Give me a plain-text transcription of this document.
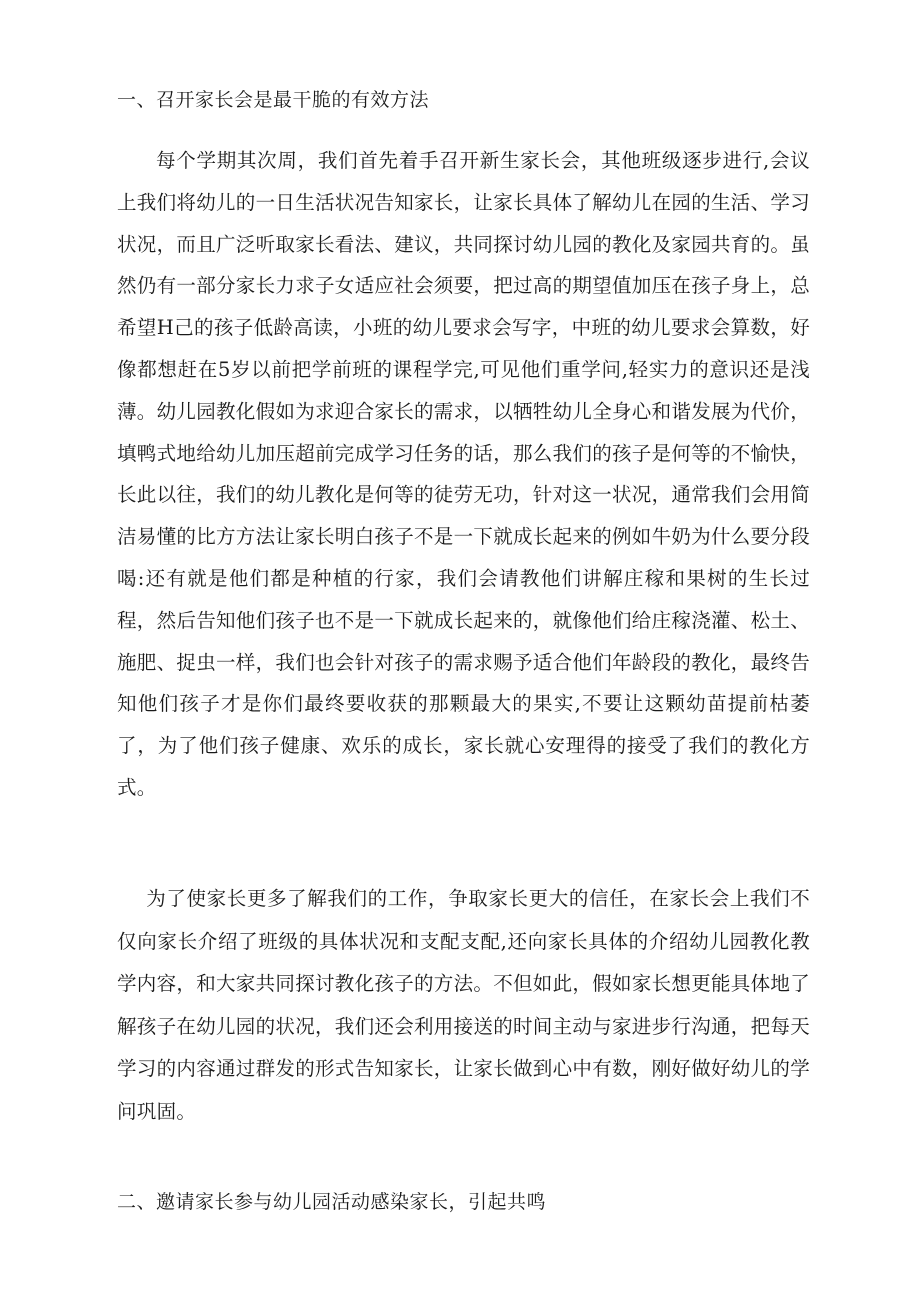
一、召开家长会是最干脆的有效方法

每个学期其次周，我们首先着手召开新生家长会，其他班级逐步进行,会议上我们将幼儿的一日生活状况告知家长，让家长具体了解幼儿在园的生活、学习状况，而且广泛听取家长看法、建议，共同探讨幼儿园的教化及家园共育的。虽然仍有一部分家长力求子女适应社会须要，把过高的期望值加压在孩子身上，总希望H己的孩子低龄高读，小班的幼儿要求会写字，中班的幼儿要求会算数，好像都想赶在5岁以前把学前班的课程学完,可见他们重学问,轻实力的意识还是浅薄。幼儿园教化假如为求迎合家长的需求，以牺牲幼儿全身心和谐发展为代价，填鸭式地给幼儿加压超前完成学习任务的话，那么我们的孩子是何等的不愉快，长此以往，我们的幼儿教化是何等的徒劳无功，针对这一状况，通常我们会用简洁易懂的比方方法让家长明白孩子不是一下就成长起来的例如牛奶为什么要分段喝:还有就是他们都是种植的行家，我们会请教他们讲解庄稼和果树的生长过程，然后告知他们孩子也不是一下就成长起来的，就像他们给庄稼浇灌、松土、施肥、捉虫一样，我们也会针对孩子的需求赐予适合他们年龄段的教化，最终告知他们孩子才是你们最终要收获的那颗最大的果实,不要让这颗幼苗提前枯萎了，为了他们孩子健康、欢乐的成长，家长就心安理得的接受了我们的教化方式。

为了使家长更多了解我们的工作，争取家长更大的信任，在家长会上我们不仅向家长介绍了班级的具体状况和支配支配,还向家长具体的介绍幼儿园教化教学内容，和大家共同探讨教化孩子的方法。不但如此，假如家长想更能具体地了解孩子在幼儿园的状况，我们还会利用接送的时间主动与家进步行沟通，把每天学习的内容通过群发的形式告知家长，让家长做到心中有数，刚好做好幼儿的学问巩固。

二、邀请家长参与幼儿园活动感染家长，引起共鸣
